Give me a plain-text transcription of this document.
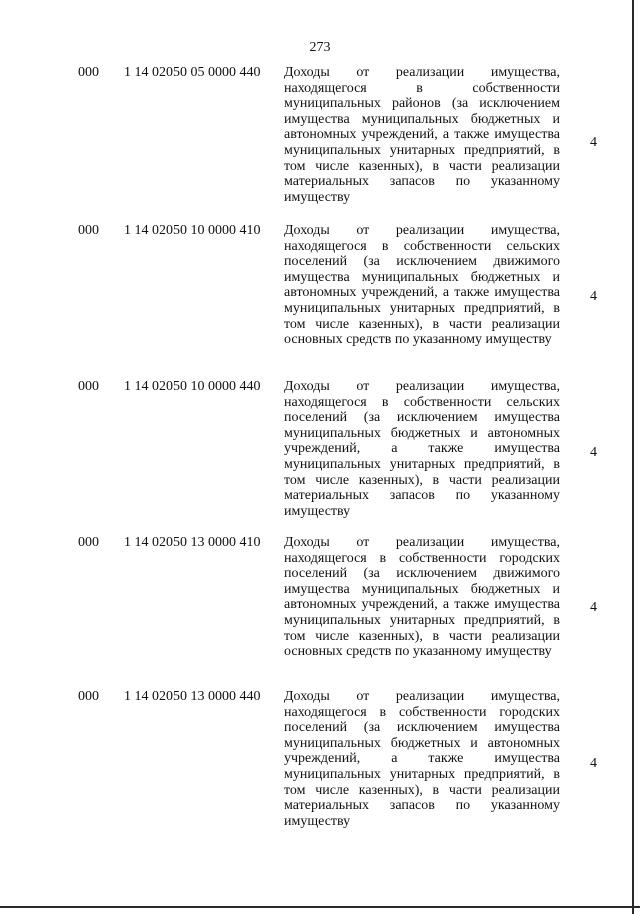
273
000 1 14 02050 05 0000 440 Доходы от реализации имущества, находящегося в собственности муниципальных районов (за исключением имущества муниципальных бюджетных и автономных учреждений, а также имущества муниципальных унитарных предприятий, в том числе казенных), в части реализации материальных запасов по указанному имуществу
4
000 1 14 02050 10 0000 410 Доходы от реализации имущества, находящегося в собственности сельских поселений (за исключением движимого имущества муниципальных бюджетных и автономных учреждений, а также имущества муниципальных унитарных предприятий, в том числе казенных), в части реализации основных средств по указанному имуществу
4
000 1 14 02050 10 0000 440 Доходы от реализации имущества, находящегося в собственности сельских поселений (за исключением имущества муниципальных бюджетных и автономных учреждений, а также имущества муниципальных унитарных предприятий, в том числе казенных), в части реализации материальных запасов по указанному имуществу
4
000 1 14 02050 13 0000 410 Доходы от реализации имущества, находящегося в собственности городских поселений (за исключением движимого имущества муниципальных бюджетных и автономных учреждений, а также имущества муниципальных унитарных предприятий, в том числе казенных), в части реализации основных средств по указанному имуществу
4
000 1 14 02050 13 0000 440 Доходы от реализации имущества, находящегося в собственности городских поселений (за исключением имущества муниципальных бюджетных и автономных учреждений, а также имущества муниципальных унитарных предприятий, в том числе казенных), в части реализации материальных запасов по указанному имуществу
4
